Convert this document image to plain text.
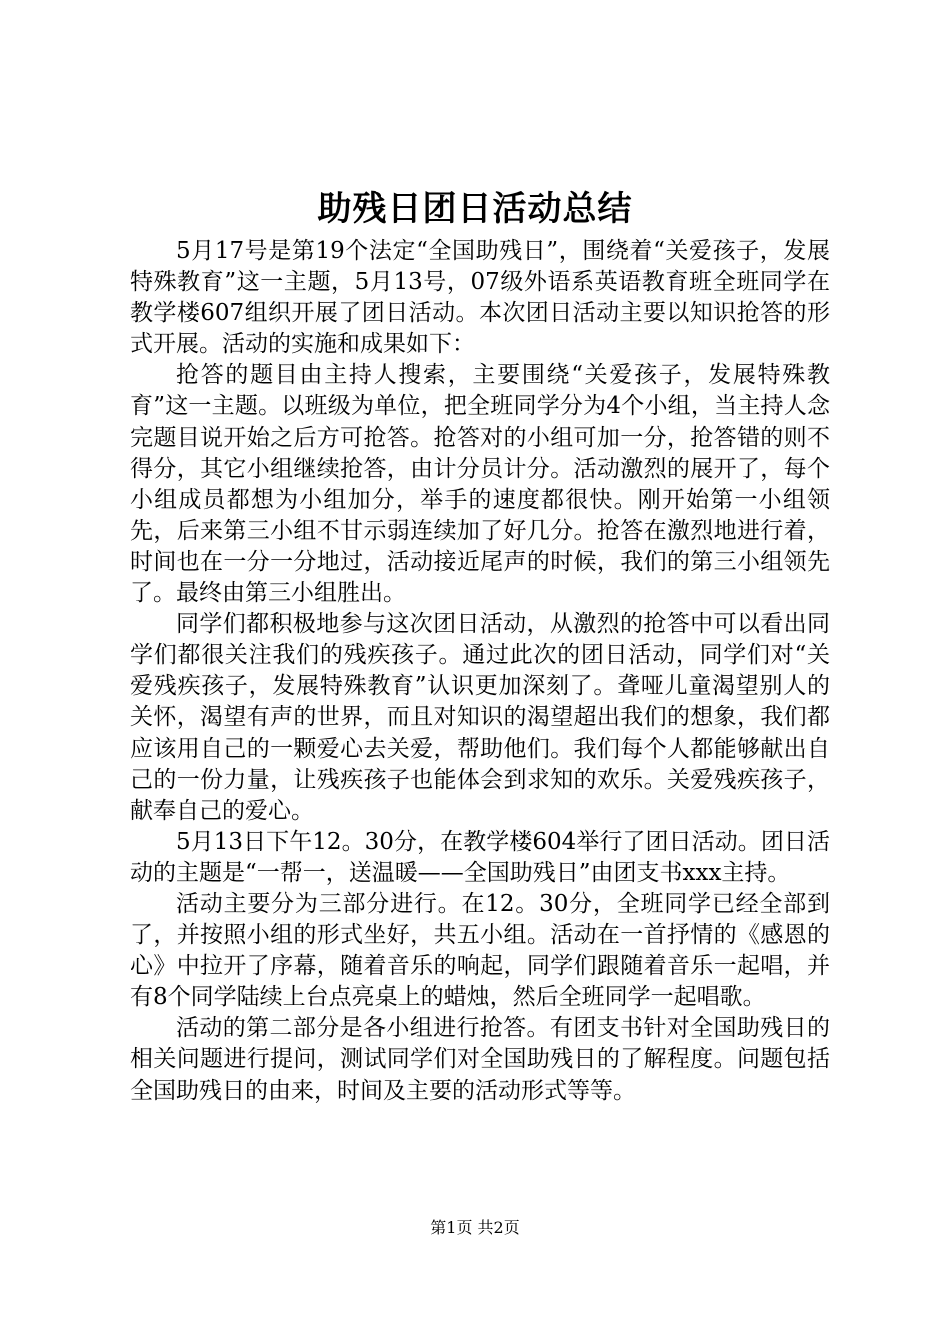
助残日团日活动总结

5月17号是第19个法定“全国助残日”，围绕着“关爱孩子，发展特殊教育”这一主题，5月13号，07级外语系英语教育班全班同学在教学楼607组织开展了团日活动。本次团日活动主要以知识抢答的形式开展。活动的实施和成果如下：

抢答的题目由主持人搜索，主要围绕“关爱孩子，发展特殊教育”这一主题。以班级为单位，把全班同学分为4个小组，当主持人念完题目说开始之后方可抢答。抢答对的小组可加一分，抢答错的则不得分，其它小组继续抢答，由计分员计分。活动激烈的展开了，每个小组成员都想为小组加分，举手的速度都很快。刚开始第一小组领先，后来第三小组不甘示弱连续加了好几分。抢答在激烈地进行着，时间也在一分一分地过，活动接近尾声的时候，我们的第三小组领先了。最终由第三小组胜出。

同学们都积极地参与这次团日活动，从激烈的抢答中可以看出同学们都很关注我们的残疾孩子。通过此次的团日活动，同学们对“关爱残疾孩子，发展特殊教育”认识更加深刻了。聋哑儿童渴望别人的关怀，渴望有声的世界，而且对知识的渴望超出我们的想象，我们都应该用自己的一颗爱心去关爱，帮助他们。我们每个人都能够献出自己的一份力量，让残疾孩子也能体会到求知的欢乐。关爱残疾孩子，献奉自己的爱心。

5月13日下午12。30分，在教学楼604举行了团日活动。团日活动的主题是“一帮一，送温暖——全国助残日”由团支书xxx主持。

活动主要分为三部分进行。在12。30分，全班同学已经全部到了，并按照小组的形式坐好，共五小组。活动在一首抒情的《感恩的心》中拉开了序幕，随着音乐的响起，同学们跟随着音乐一起唱，并有8个同学陆续上台点亮桌上的蜡烛，然后全班同学一起唱歌。

活动的第二部分是各小组进行抢答。有团支书针对全国助残日的相关问题进行提问，测试同学们对全国助残日的了解程度。问题包括全国助残日的由来，时间及主要的活动形式等等。

第1页 共2页
